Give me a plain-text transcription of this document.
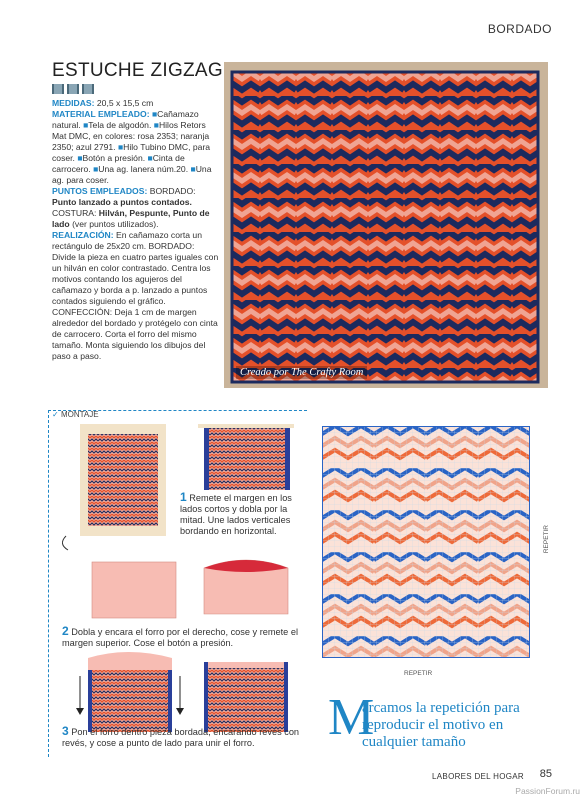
BORDADO
ESTUCHE ZIGZAG

MEDIDAS: 20,5 x 15,5 cm

MATERIAL EMPLEADO: ■Cañamazo natural. ■Tela de algodón. ■Hilos Retors Mat DMC, en colores: rosa 2353; naranja 2350; azul 2791. ■Hilo Tubino DMC, para coser. ■Botón a presión. ■Cinta de carrocero. ■Una ag. lanera núm.20. ■Una ag. para coser.

PUNTOS EMPLEADOS: BORDADO: Punto lanzado a puntos contados. COSTURA: Hilván, Pespunte, Punto de lado (ver puntos utilizados).

REALIZACIÓN: En cañamazo corta un rectángulo de 25x20 cm. BORDADO: Divide la pieza en cuatro partes iguales con un hilván en color contrastado. Centra los motivos contando los agujeros del cañamazo y borda a p. lanzado a puntos contados siguiendo el gráfico. CONFECCIÓN: Deja 1 cm de margen alrededor del bordado y protégelo con cinta de carrocero. Corta el forro del mismo tamaño. Monta siguiendo los dibujos del paso a paso.

Creado por The Crafty Room
✓ MONTAJE
1 Remete el margen en los lados cortos y dobla por la mitad. Une lados verticales bordando en horizontal.
2 Dobla y encara el forro por el derecho, cose y remete el margen superior. Cose el botón a presión.
3 Pon el forro dentro pieza bordada, encarando revés con revés, y cose a punto de lado para unir el forro.
REPETIR
REPETIR
M
arcamos la repetición para reproducir el motivo en cualquier tamaño
LABORES DEL HOGAR 85
PassionForum.ru
